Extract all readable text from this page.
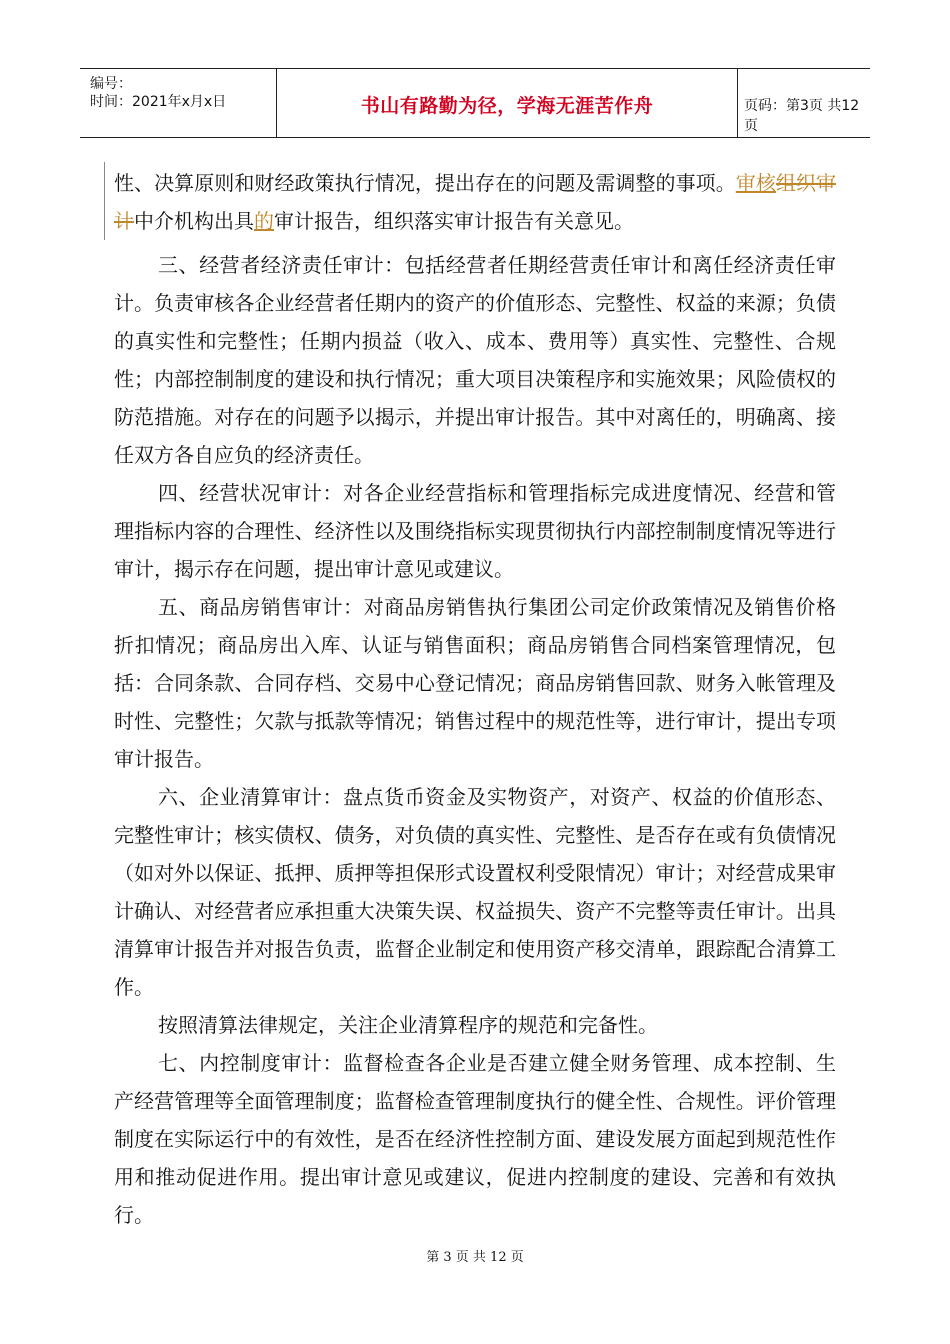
编号：
时间：2021年x月x日	书山有路勤为径，学海无涯苦作舟	页码：第3页 共12页
性、决算原则和财经政策执行情况，提出存在的问题及需调整的事项。审核组织审计中介机构出具的审计报告，组织落实审计报告有关意见。
三、经营者经济责任审计：包括经营者任期经营责任审计和离任经济责任审计。负责审核各企业经营者任期内的资产的价值形态、完整性、权益的来源；负债的真实性和完整性；任期内损益（收入、成本、费用等）真实性、完整性、合规性；内部控制制度的建设和执行情况；重大项目决策程序和实施效果；风险债权的防范措施。对存在的问题予以揭示，并提出审计报告。其中对离任的，明确离、接任双方各自应负的经济责任。
四、经营状况审计：对各企业经营指标和管理指标完成进度情况、经营和管理指标内容的合理性、经济性以及围绕指标实现贯彻执行内部控制制度情况等进行审计，揭示存在问题，提出审计意见或建议。
五、商品房销售审计：对商品房销售执行集团公司定价政策情况及销售价格折扣情况；商品房出入库、认证与销售面积；商品房销售合同档案管理情况，包括：合同条款、合同存档、交易中心登记情况；商品房销售回款、财务入帐管理及时性、完整性；欠款与抵款等情况；销售过程中的规范性等，进行审计，提出专项审计报告。
六、企业清算审计：盘点货币资金及实物资产，对资产、权益的价值形态、完整性审计；核实债权、债务，对负债的真实性、完整性、是否存在或有负债情况（如对外以保证、抵押、质押等担保形式设置权利受限情况）审计；对经营成果审计确认、对经营者应承担重大决策失误、权益损失、资产不完整等责任审计。出具清算审计报告并对报告负责，监督企业制定和使用资产移交清单，跟踪配合清算工作。
按照清算法律规定，关注企业清算程序的规范和完备性。
七、内控制度审计：监督检查各企业是否建立健全财务管理、成本控制、生产经营管理等全面管理制度；监督检查管理制度执行的健全性、合规性。评价管理制度在实际运行中的有效性，是否在经济性控制方面、建设发展方面起到规范性作用和推动促进作用。提出审计意见或建议，促进内控制度的建设、完善和有效执行。
第 3 页 共 12 页
